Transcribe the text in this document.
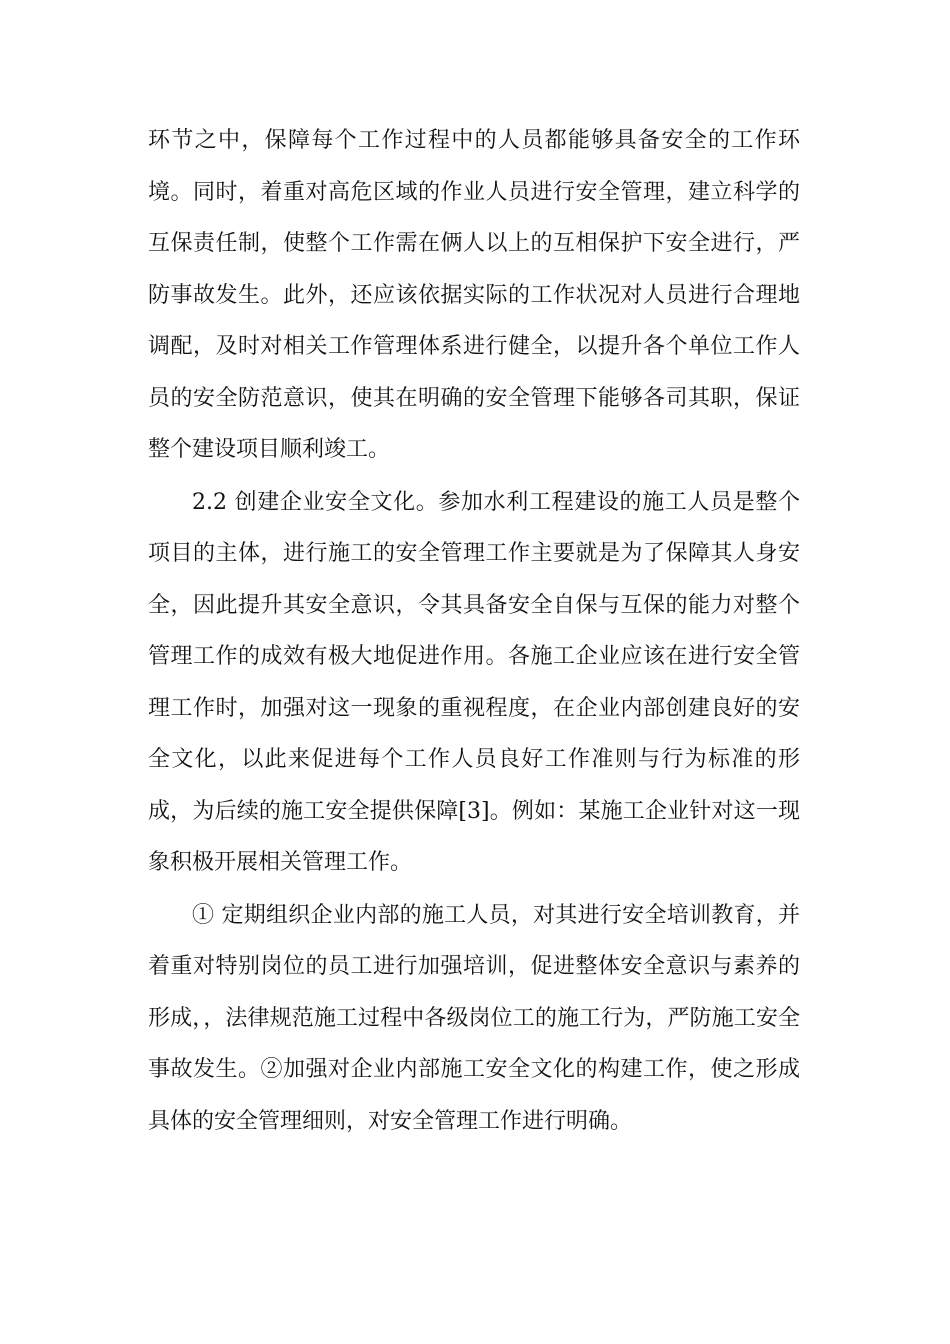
环节之中，保障每个工作过程中的人员都能够具备安全的工作环境。同时，着重对高危区域的作业人员进行安全管理，建立科学的互保责任制，使整个工作需在俩人以上的互相保护下安全进行，严防事故发生。此外，还应该依据实际的工作状况对人员进行合理地调配，及时对相关工作管理体系进行健全，以提升各个单位工作人员的安全防范意识，使其在明确的安全管理下能够各司其职，保证整个建设项目顺利竣工。

2.2 创建企业安全文化。参加水利工程建设的施工人员是整个项目的主体，进行施工的安全管理工作主要就是为了保障其人身安全，因此提升其安全意识，令其具备安全自保与互保的能力对整个管理工作的成效有极大地促进作用。各施工企业应该在进行安全管理工作时，加强对这一现象的重视程度，在企业内部创建良好的安全文化，以此来促进每个工作人员良好工作准则与行为标准的形成，为后续的施工安全提供保障[3]。例如：某施工企业针对这一现象积极开展相关管理工作。

① 定期组织企业内部的施工人员，对其进行安全培训教育，并着重对特别岗位的员工进行加强培训，促进整体安全意识与素养的形成，，法律规范施工过程中各级岗位工的施工行为，严防施工安全事故发生。②加强对企业内部施工安全文化的构建工作，使之形成具体的安全管理细则，对安全管理工作进行明确。
